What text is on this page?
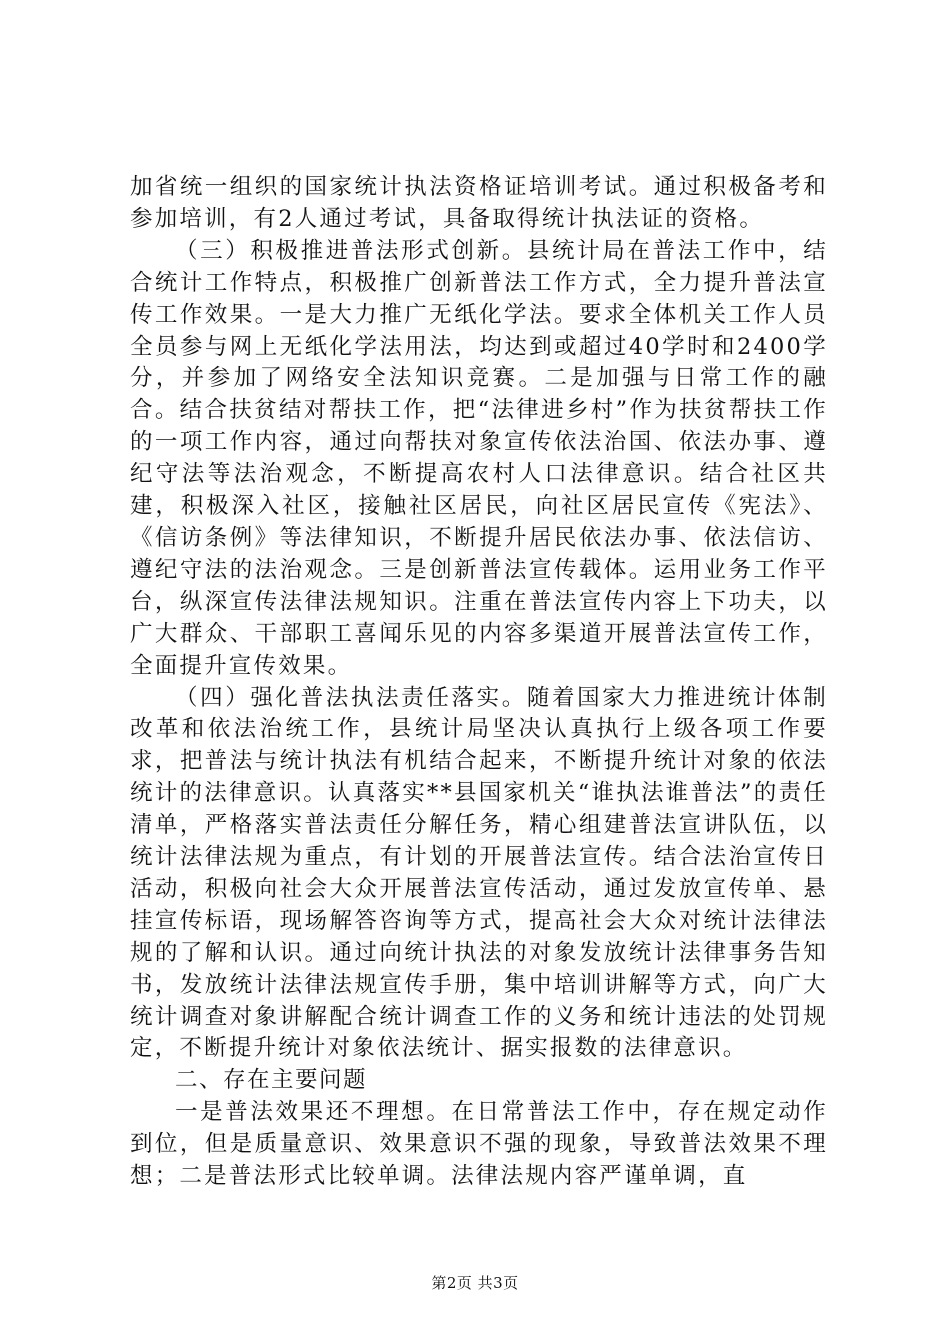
加省统一组织的国家统计执法资格证培训考试。通过积极备考和参加培训，有2人通过考试，具备取得统计执法证的资格。

（三）积极推进普法形式创新。县统计局在普法工作中，结合统计工作特点，积极推广创新普法工作方式，全力提升普法宣传工作效果。一是大力推广无纸化学法。要求全体机关工作人员全员参与网上无纸化学法用法，均达到或超过40学时和2400学分，并参加了网络安全法知识竞赛。二是加强与日常工作的融合。结合扶贫结对帮扶工作，把“法律进乡村”作为扶贫帮扶工作的一项工作内容，通过向帮扶对象宣传依法治国、依法办事、遵纪守法等法治观念，不断提高农村人口法律意识。结合社区共建，积极深入社区，接触社区居民，向社区居民宣传《宪法》、《信访条例》等法律知识，不断提升居民依法办事、依法信访、遵纪守法的法治观念。三是创新普法宣传载体。运用业务工作平台，纵深宣传法律法规知识。注重在普法宣传内容上下功夫，以广大群众、干部职工喜闻乐见的内容多渠道开展普法宣传工作，全面提升宣传效果。

（四）强化普法执法责任落实。随着国家大力推进统计体制改革和依法治统工作，县统计局坚决认真执行上级各项工作要求，把普法与统计执法有机结合起来，不断提升统计对象的依法统计的法律意识。认真落实**县国家机关“谁执法谁普法”的责任清单，严格落实普法责任分解任务，精心组建普法宣讲队伍，以统计法律法规为重点，有计划的开展普法宣传。结合法治宣传日活动，积极向社会大众开展普法宣传活动，通过发放宣传单、悬挂宣传标语，现场解答咨询等方式，提高社会大众对统计法律法规的了解和认识。通过向统计执法的对象发放统计法律事务告知书，发放统计法律法规宣传手册，集中培训讲解等方式，向广大统计调查对象讲解配合统计调查工作的义务和统计违法的处罚规定，不断提升统计对象依法统计、据实报数的法律意识。

二、存在主要问题

一是普法效果还不理想。在日常普法工作中，存在规定动作到位，但是质量意识、效果意识不强的现象，导致普法效果不理想；二是普法形式比较单调。法律法规内容严谨单调，直

第2页 共3页
